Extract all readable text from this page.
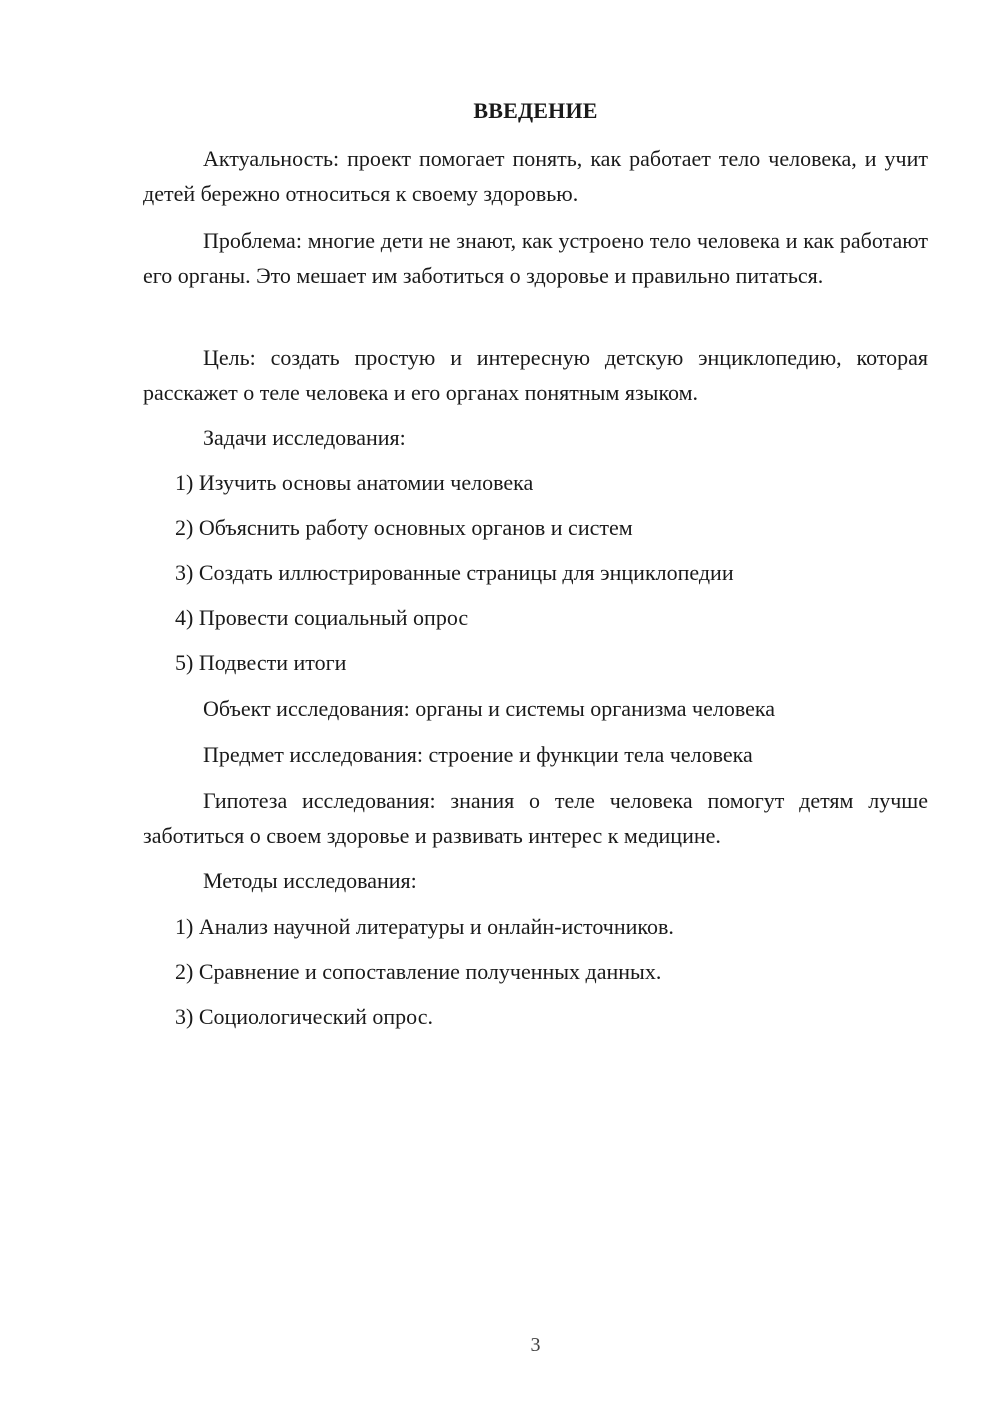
ВВЕДЕНИЕ

Актуальность: проект помогает понять, как работает тело человека, и учит детей бережно относиться к своему здоровью.

Проблема: многие дети не знают, как устроено тело человека и как работают его органы. Это мешает им заботиться о здоровье и правильно питаться.

Цель: создать простую и интересную детскую энциклопедию, которая расскажет о теле человека и его органах понятным языком.

Задачи исследования:

1) Изучить основы анатомии человека

2) Объяснить работу основных органов и систем

3) Создать иллюстрированные страницы для энциклопедии

4) Провести социальный опрос

5) Подвести итоги

Объект исследования: органы и системы организма человека

Предмет исследования: строение и функции тела человека

Гипотеза исследования: знания о теле человека помогут детям лучше заботиться о своем здоровье и развивать интерес к медицине.

Методы исследования:

1) Анализ научной литературы и онлайн-источников.

2) Сравнение и сопоставление полученных данных.

3) Социологический опрос.

3
